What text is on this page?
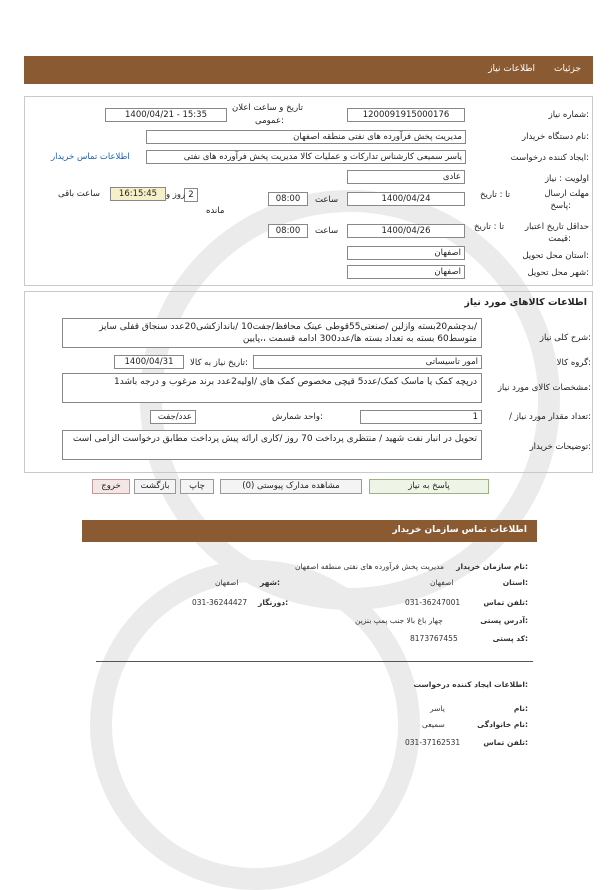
جزئیات
اطلاعات نیاز
شماره نیاز:
1200091915000176
تاریخ و ساعت اعلان
عمومی:
1400/04/21 - 15:35
نام دستگاه خریدار:
مدیریت پخش فرآورده های نفتی منطقه اصفهان
ایجاد کننده درخواست:
یاسر سمیعی کارشناس تدارکات و عملیات کالا مدیریت پخش فرآورده های نفتی
اطلاعات تماس خریدار
اولویت : نیاز
عادی
مهلت ارسال
پاسخ:
تا : تاریخ
1400/04/24
ساعت
08:00
2
روز و
16:15:45
ساعت باقی
مانده
حداقل تاریخ اعتبار
قیمت:
تا : تاریخ
1400/04/26
ساعت
08:00
استان محل تحویل:
اصفهان
شهر محل تحویل:
اصفهان
اطلاعات کالاهای مورد نیاز
شرح کلی نیاز:
/بدچشم20بسته وازلین /صنعتی55قوطی عینک محافظ/جفت10 /باندازکشی20عدد سنجاق قفلی سایز متوسط60 بسته به تعداد بسته ها/عدد300 ادامه قسمت ،،پایین
گروه کالا:
امور تاسیساتی
تاریخ نیاز به کالا:
1400/04/31
مشخصات کالای مورد نیاز:
درپچه کمک یا ماسک کمک/عدد5 قیچی مخصوص کمک های /اولیه2عدد برند مرغوب و درجه باشد1
/ تعداد مقدار مورد نیاز:
1
واحد شمارش:
عدد/جفت
توضیحات خریدار:
تحویل در انبار نفت شهید / منتظری پرداخت 70 روز /کاری ارائه پیش پرداخت مطابق درخواست الزامی است
پاسخ به نیاز
مشاهده مدارک پیوستی (0)
چاپ
بازگشت
خروج
اطلاعات تماس سازمان خریدار
نام سازمان خریدار:
مدیریت پخش فرآورده های نفتی منطقه اصفهان
استان:
اصفهان
شهر:
اصفهان
تلفن تماس:
031-36247001
دورنگار:
031-36244427
آدرس پستی:
چهار باغ بالا جنب پمپ بنزین
کد پستی:
8173767455
اطلاعات ایجاد کننده درخواست:
نام:
یاسر
نام خانوادگی:
سمیعی
تلفن تماس:
031-37162531
